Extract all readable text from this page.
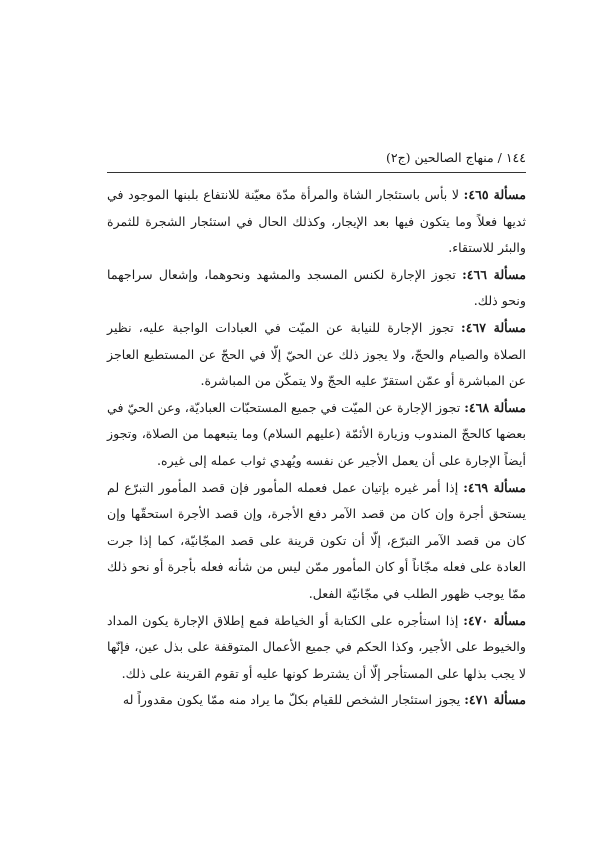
١٤٤ / منهاج الصالحين (ج٢)

مسألة ٤٦٥: لا بأس باستئجار الشاة والمرأة مدّة معيّنة للانتفاع بلبنها الموجود في ثديها فعلاً وما يتكون فيها بعد الإيجار، وكذلك الحال في استئجار الشجرة للثمرة والبئر للاستقاء.

مسألة ٤٦٦: تجوز الإجارة لكنس المسجد والمشهد ونحوهما، وإشعال سراجهما ونحو ذلك.

مسألة ٤٦٧: تجوز الإجارة للنيابة عن الميّت في العبادات الواجبة عليه، نظير الصلاة والصيام والحجّ، ولا يجوز ذلك عن الحيّ إلّا في الحجّ عن المستطيع العاجز عن المباشرة أو عمّن استقرّ عليه الحجّ ولا يتمكّن من المباشرة.

مسألة ٤٦٨: تجوز الإجارة عن الميّت في جميع المستحبّات العباديّة، وعن الحيّ في بعضها كالحجّ المندوب وزيارة الأئمّة (عليهم السلام) وما يتبعهما من الصلاة، وتجوز أيضاً الإجارة على أن يعمل الأجير عن نفسه ويُهدي ثواب عمله إلى غيره.

مسألة ٤٦٩: إذا أمر غيره بإتيان عمل فعمله المأمور فإن قصد المأمور التبرّع لم يستحق أجرة وإن كان من قصد الآمر دفع الأجرة، وإن قصد الأجرة استحقّها وإن كان من قصد الآمر التبرّع، إلّا أن تكون قرينة على قصد المجّانيّة، كما إذا جرت العادة على فعله مجّاناً أو كان المأمور ممّن ليس من شأنه فعله بأجرة أو نحو ذلك ممّا يوجب ظهور الطلب في مجّانيّة الفعل.

مسألة ٤٧٠: إذا استأجره على الكتابة أو الخياطة فمع إطلاق الإجارة يكون المداد والخيوط على الأجير، وكذا الحكم في جميع الأعمال المتوقفة على بذل عين، فإنّها لا يجب بذلها على المستأجر إلّا أن يشترط كونها عليه أو تقوم القرينة على ذلك.

مسألة ٤٧١: يجوز استئجار الشخص للقيام بكلّ ما يراد منه ممّا يكون مقدوراً له
